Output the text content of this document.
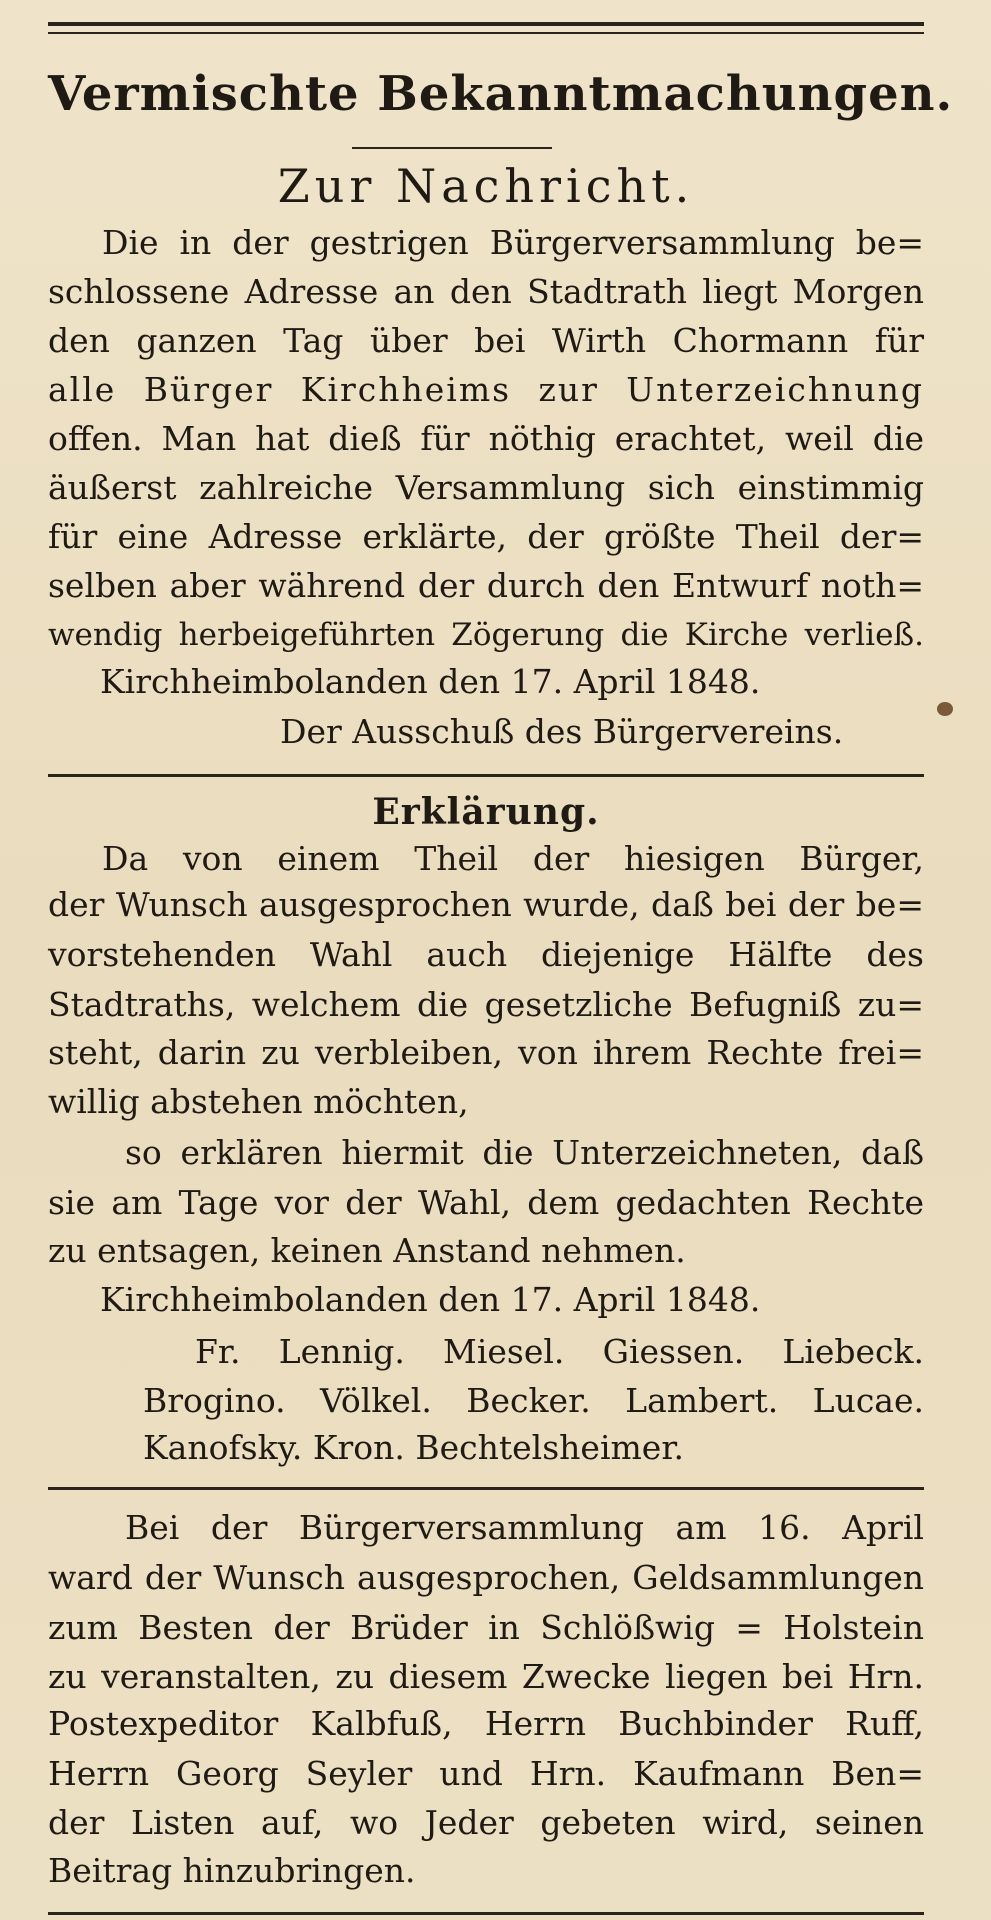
Vermischte Bekanntmachungen.
Zur Nachricht.
Die in der gestrigen Bürgerversammlung be=
schlossene Adresse an den Stadtrath liegt Morgen
den ganzen Tag über bei Wirth Chormann für
alle Bürger Kirchheims zur Unterzeichnung
offen. Man hat dieß für nöthig erachtet, weil die
äußerst zahlreiche Versammlung sich einstimmig
für eine Adresse erklärte, der größte Theil der=
selben aber während der durch den Entwurf noth=
wendig herbeigeführten Zögerung die Kirche verließ.
Kirchheimbolanden den 17. April 1848.
Der Ausschuß des Bürgervereins.
Erklärung.
Da von einem Theil der hiesigen Bürger,
der Wunsch ausgesprochen wurde, daß bei der be=
vorstehenden Wahl auch diejenige Hälfte des
Stadtraths, welchem die gesetzliche Befugniß zu=
steht, darin zu verbleiben, von ihrem Rechte frei=
willig abstehen möchten,
so erklären hiermit die Unterzeichneten, daß
sie am Tage vor der Wahl, dem gedachten Rechte
zu entsagen, keinen Anstand nehmen.
Kirchheimbolanden den 17. April 1848.
Fr. Lennig. Miesel. Giessen. Liebeck.
Brogino. Völkel. Becker. Lambert. Lucae.
Kanofsky. Kron. Bechtelsheimer.
Bei der Bürgerversammlung am 16. April
ward der Wunsch ausgesprochen, Geldsammlungen
zum Besten der Brüder in Schlößwig = Holstein
zu veranstalten, zu diesem Zwecke liegen bei Hrn.
Postexpeditor Kalbfuß, Herrn Buchbinder Ruff,
Herrn Georg Seyler und Hrn. Kaufmann Ben=
der Listen auf, wo Jeder gebeten wird, seinen
Beitrag hinzubringen.
